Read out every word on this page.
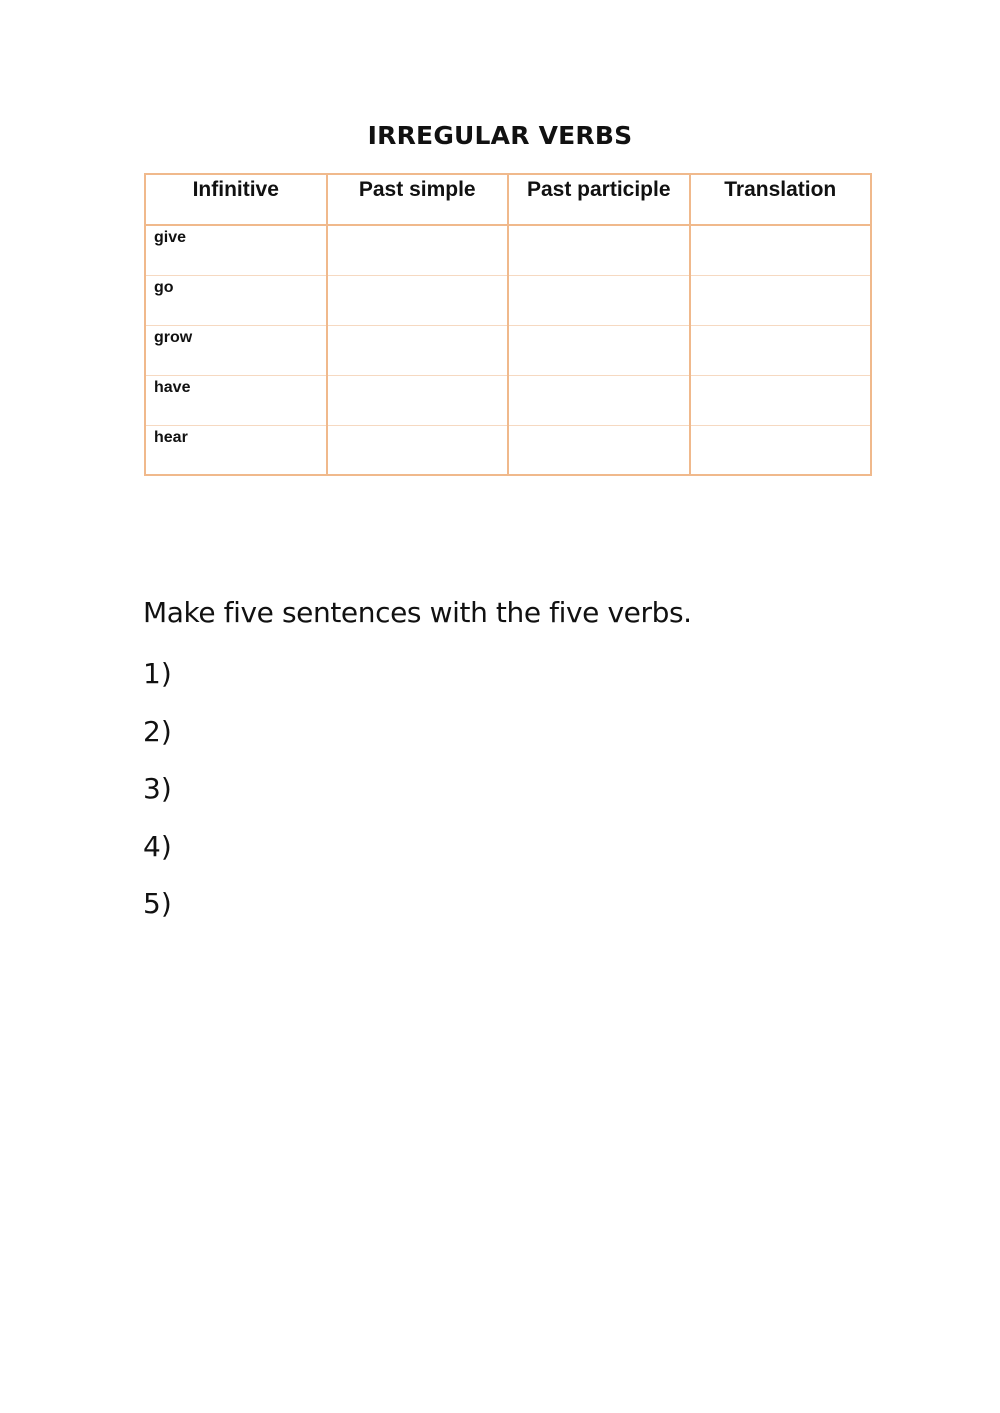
IRREGULAR VERBS
Infinitive	Past simple	Past participle	Translation
give			
go			
grow			
have			
hear			

Make five sentences with the five verbs.

1)
2)
3)
4)
5)
